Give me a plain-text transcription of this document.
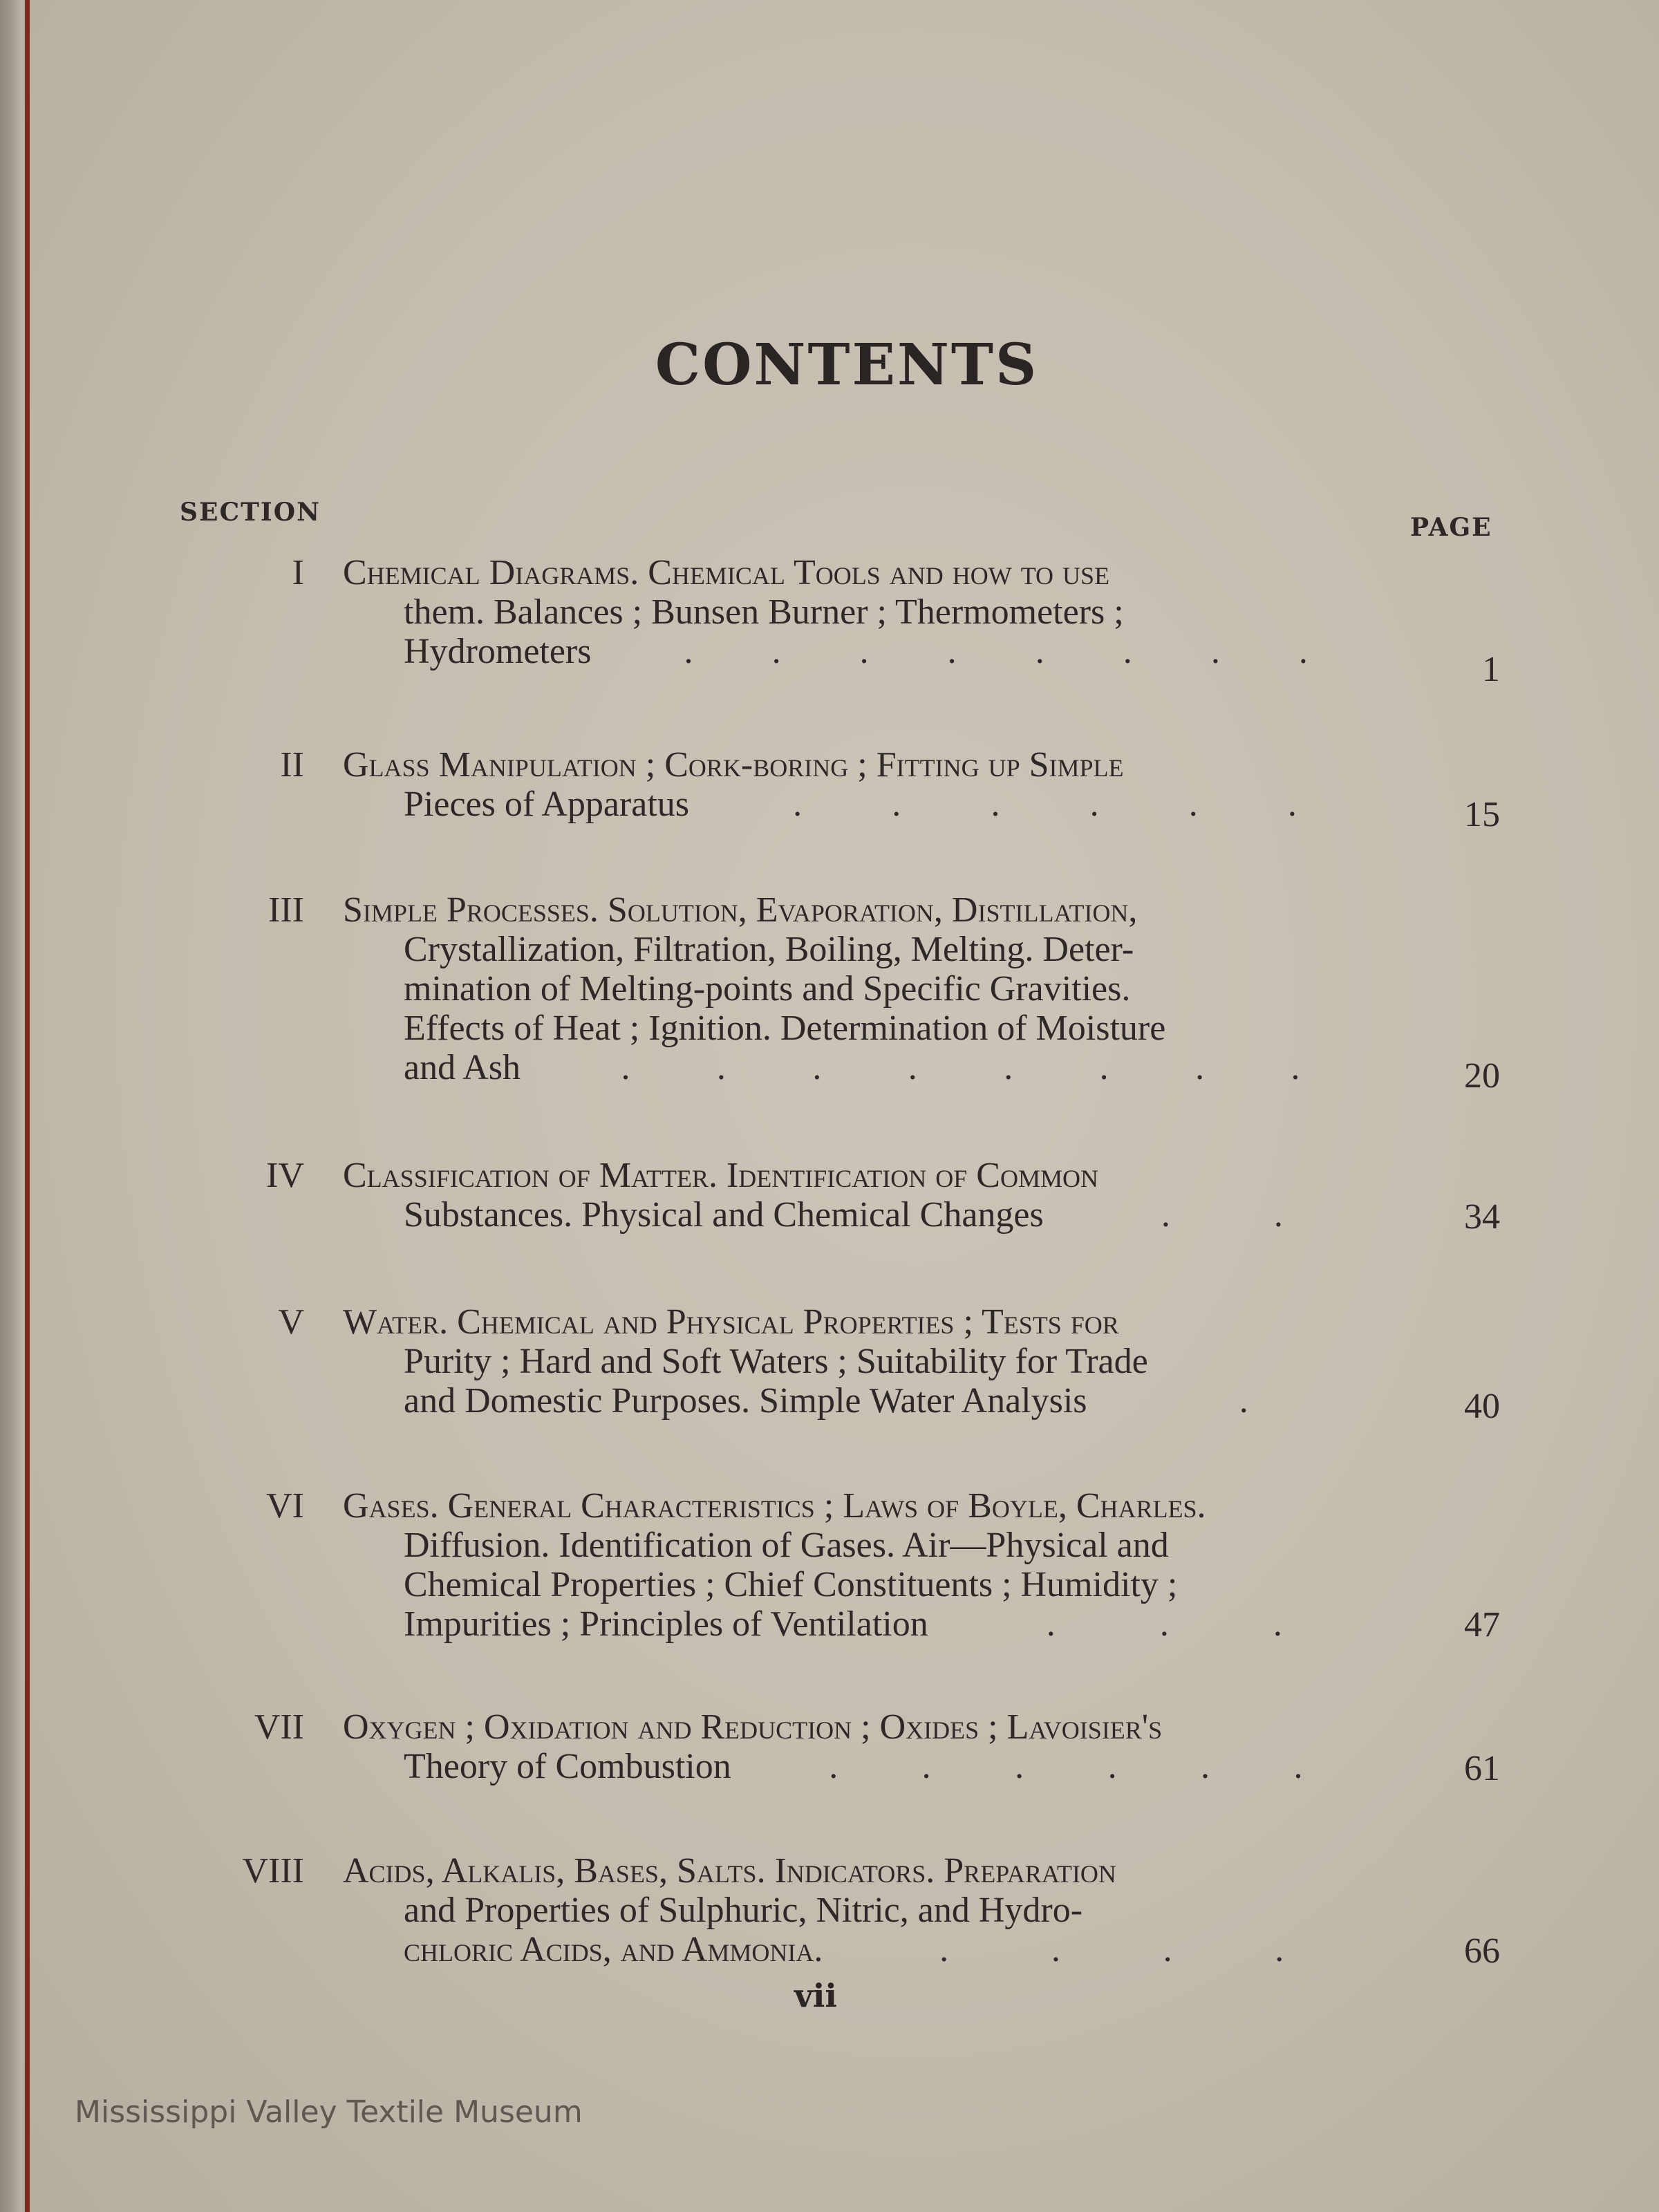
CONTENTS
SECTION
PAGE
I Chemical Diagrams. Chemical Tools and how to use
them. Balances ; Bunsen Burner ; Thermometers ;
Hydrometers	. . . . . . . .	1
II Glass Manipulation ; Cork-boring ; Fitting up Simple
Pieces of Apparatus	.	.	.	.	.	.	15
III Simple Processes. Solution, Evaporation, Distillation,
Crystallization, Filtration, Boiling, Melting. Deter-
mination of Melting-points and Specific Gravities.
Effects of Heat ; Ignition. Determination of Moisture
and Ash	. . . . . . . .	20
IV Classification of Matter. Identification of Common
Substances. Physical and Chemical Changes	.	.	34
V Water. Chemical and Physical Properties ; Tests for
Purity ; Hard and Soft Waters ; Suitability for Trade
and Domestic Purposes. Simple Water Analysis	.	40
VI Gases. General Characteristics ; Laws of Boyle, Charles.
Diffusion. Identification of Gases. Air—Physical and
Chemical Properties ; Chief Constituents ; Humidity ;
Impurities ; Principles of Ventilation	.	.	.	47
VII Oxygen ; Oxidation and Reduction ; Oxides ; Lavoisier's
Theory of Combustion	. . . . . .	61
VIII Acids, Alkalis, Bases, Salts. Indicators. Preparation
and Properties of Sulphuric, Nitric, and Hydro-
chloric Acids, and Ammonia.	.	.	.	.	66
vii
Mississippi Valley Textile Museum
